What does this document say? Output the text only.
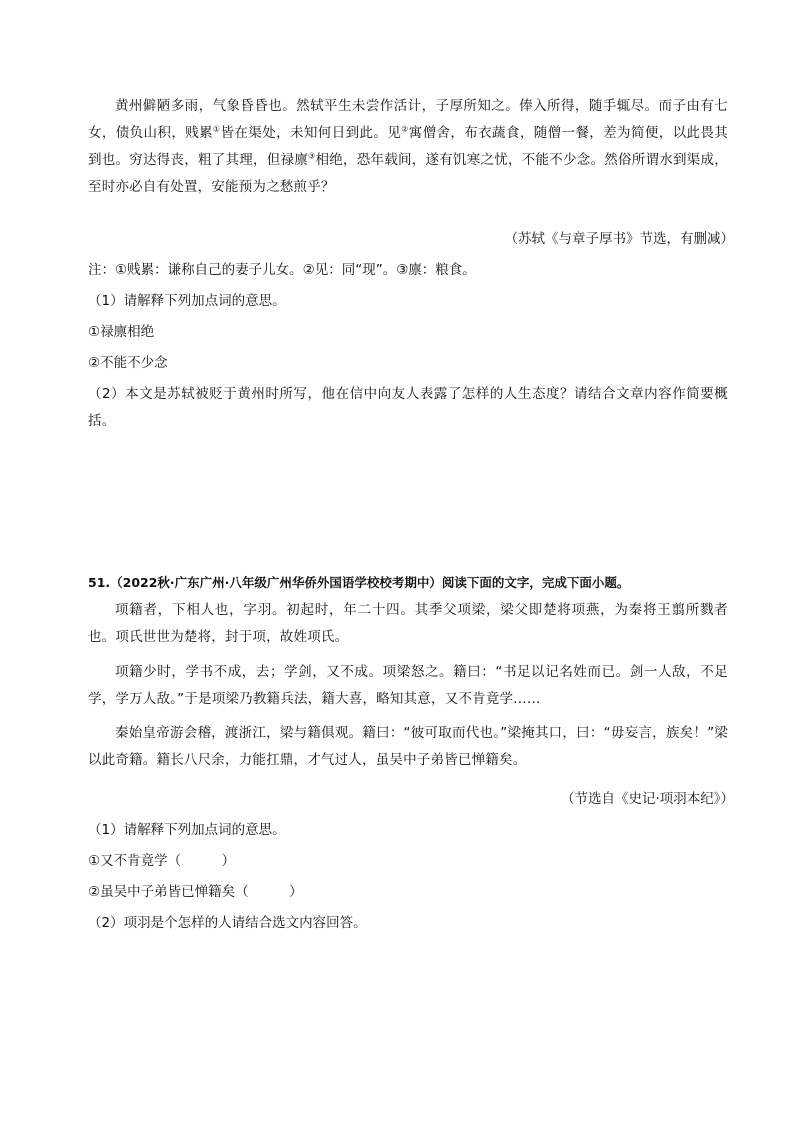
黄州僻陋多雨，气象昏昏也。然轼平生未尝作活计，子厚所知之。俸入所得，随手辄尽。而子由有七女，债负山积，贱累①皆在渠处，未知何日到此。见②寓僧舍，布衣蔬食，随僧一餐，差为简便，以此畏其到也。穷达得丧，粗了其理，但禄廪③相绝，恐年载间，遂有饥寒之忧，不能不少念。然俗所谓水到渠成，至时亦必自有处置，安能预为之愁煎乎？

（苏轼《与章子厚书》节选，有删减）

注：①贱累：谦称自己的妻子儿女。②见：同“现”。③廪：粮食。

（1）请解释下列加点词的意思。

①禄廪相绝

②不能不少念

（2）本文是苏轼被贬于黄州时所写，他在信中向友人表露了怎样的人生态度？请结合文章内容作简要概括。

51.（2022秋·广东广州·八年级广州华侨外国语学校校考期中）阅读下面的文字，完成下面小题。

项籍者，下相人也，字羽。初起时，年二十四。其季父项梁，梁父即楚将项燕，为秦将王翦所戮者也。项氏世世为楚将，封于项，故姓项氏。

项籍少时，学书不成，去；学剑，又不成。项梁怒之。籍曰：“书足以记名姓而已。剑一人敌，不足学，学万人敌。”于是项梁乃教籍兵法，籍大喜，略知其意，又不肯竟学……

秦始皇帝游会稽，渡浙江，梁与籍俱观。籍曰：“彼可取而代也。”梁掩其口，曰：“毋妄言，族矣！”梁以此奇籍。籍长八尺余，力能扛鼎，才气过人，虽吴中子弟皆已惮籍矣。

（节选自《史记·项羽本纪》）

（1）请解释下列加点词的意思。

①又不肯竟学（　　　）

②虽吴中子弟皆已惮籍矣（　　　）

（2）项羽是个怎样的人请结合选文内容回答。
